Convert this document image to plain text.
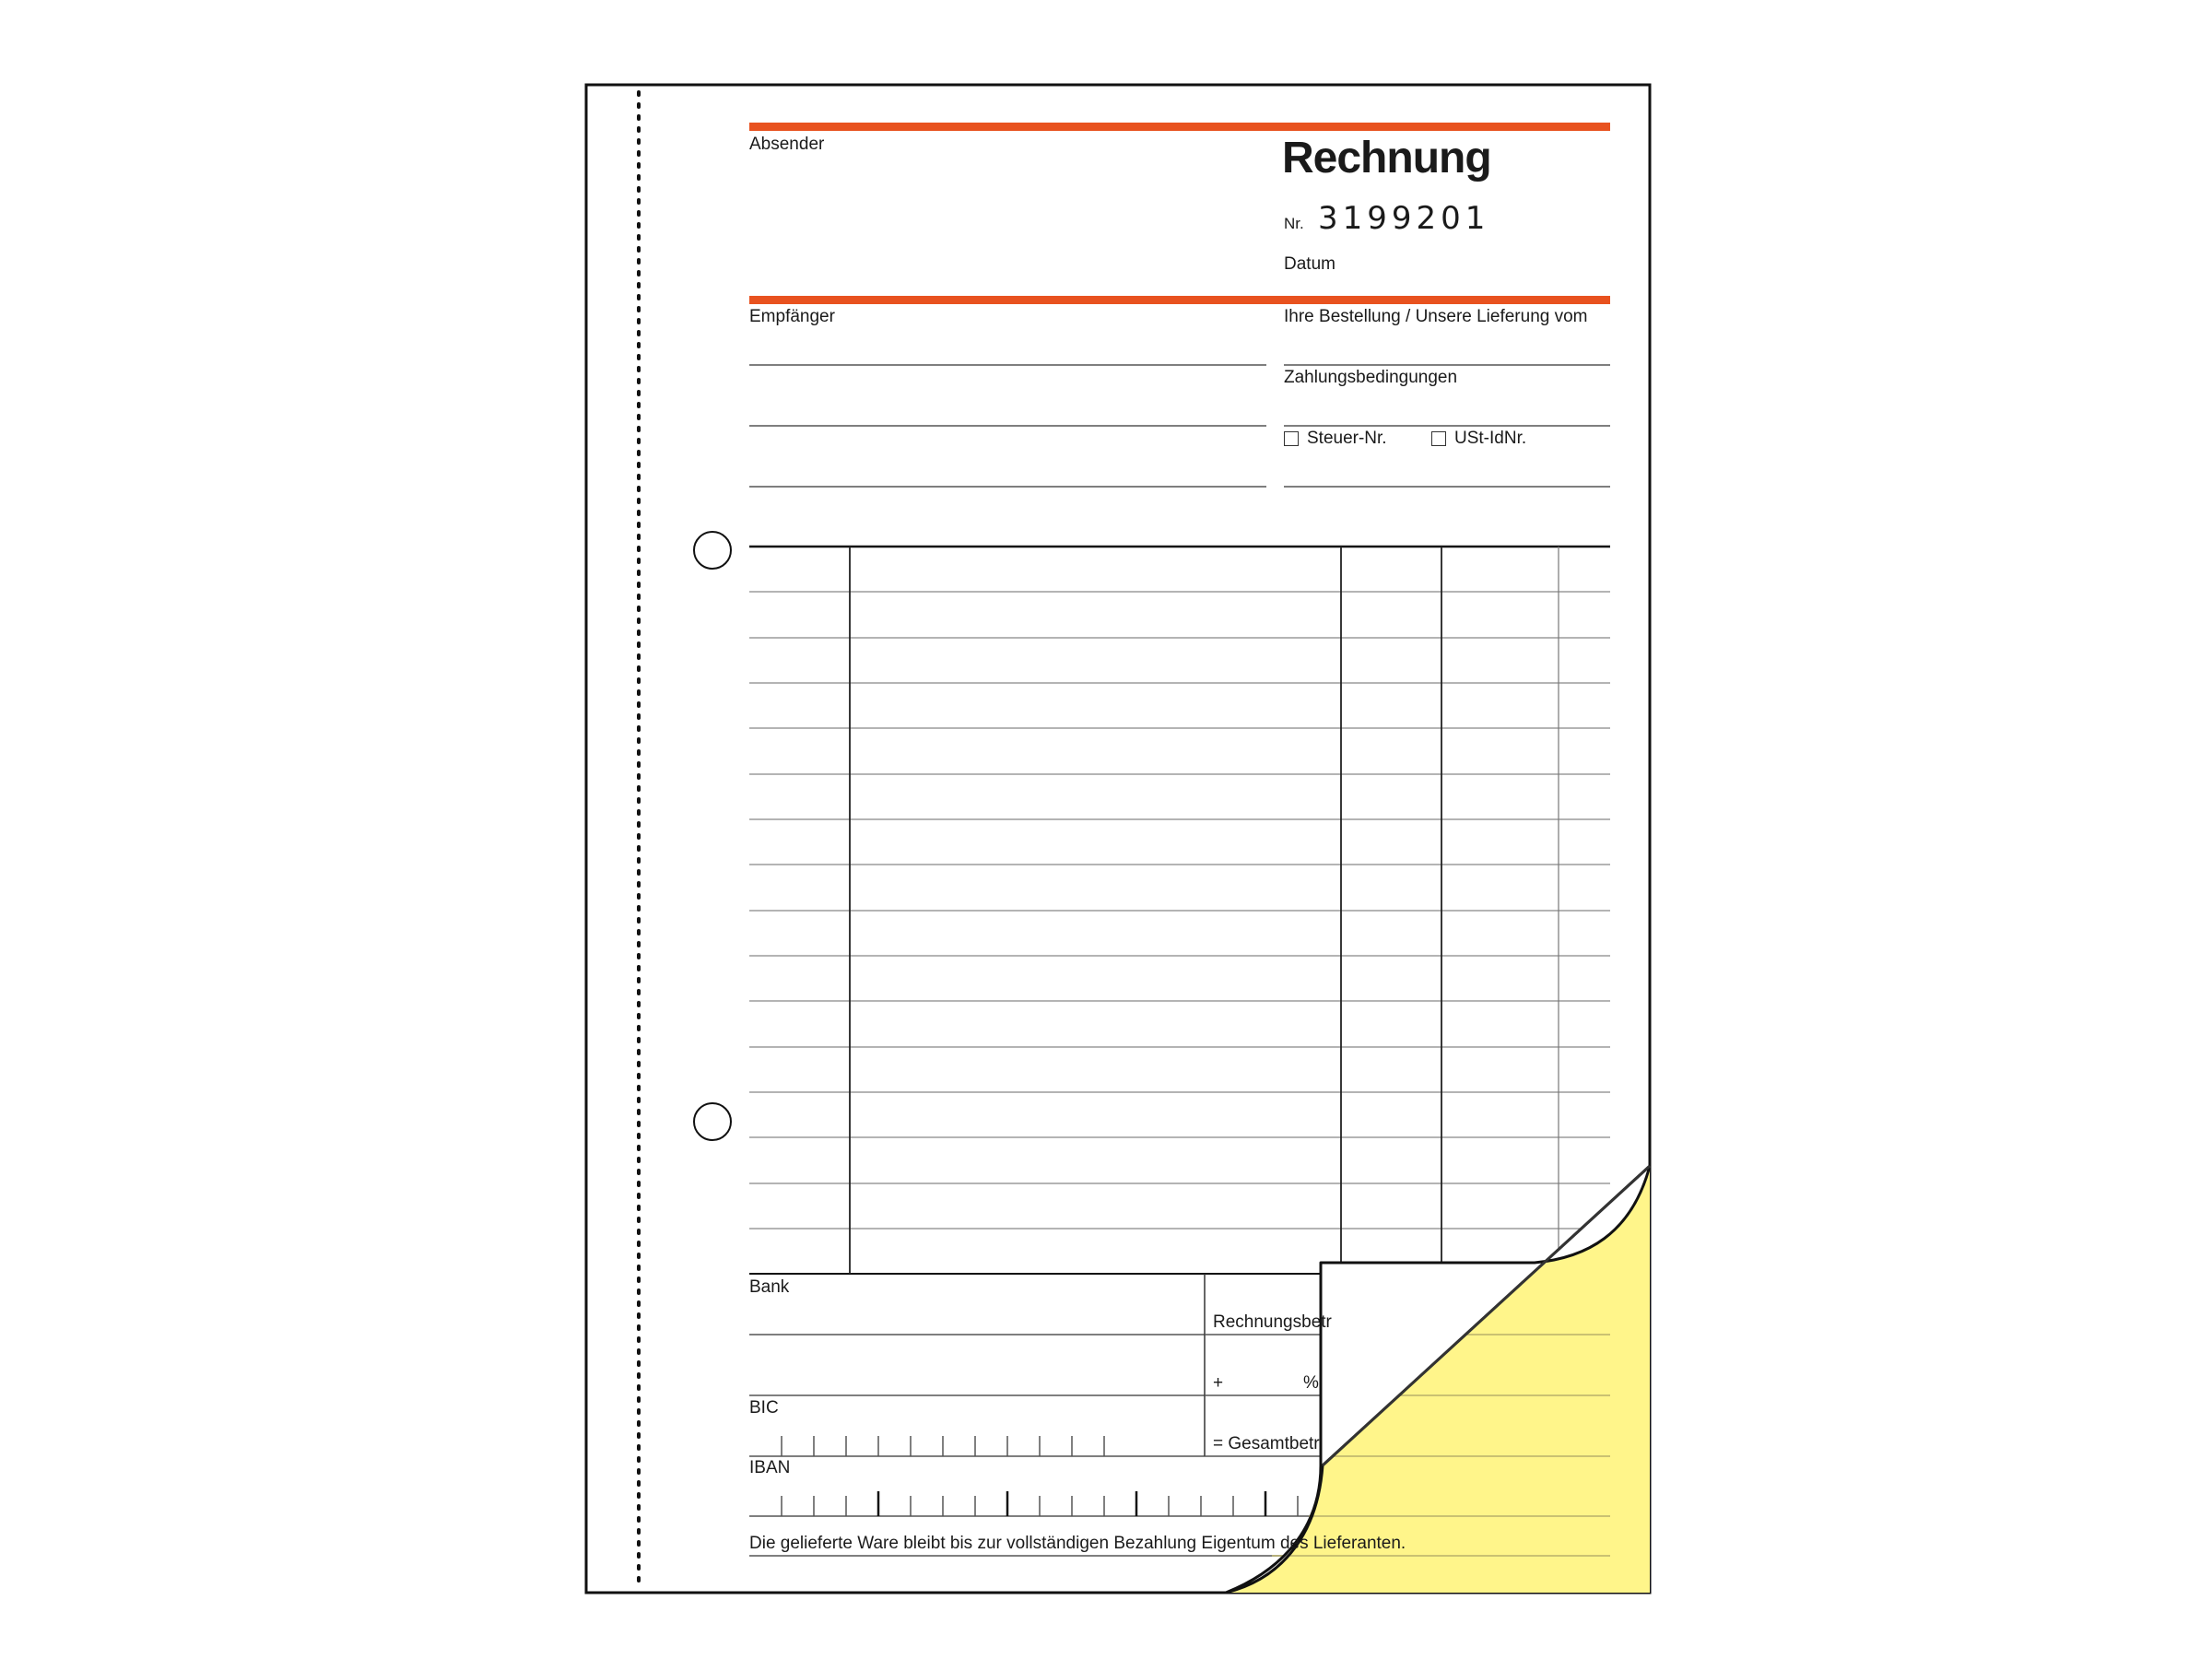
Absender	Rechnung
Nr. 3199201
Datum
Empfänger	Ihre Bestellung / Unsere Lieferung vom
Zahlungsbedingungen
Steuer-Nr.	USt-IdNr.
Bank
Rechnungsbetr
+	%
BIC
= Gesamtbetr
IBAN
Die gelieferte Ware bleibt bis zur vollständigen Bezahlung Eigentum des Lieferanten.
